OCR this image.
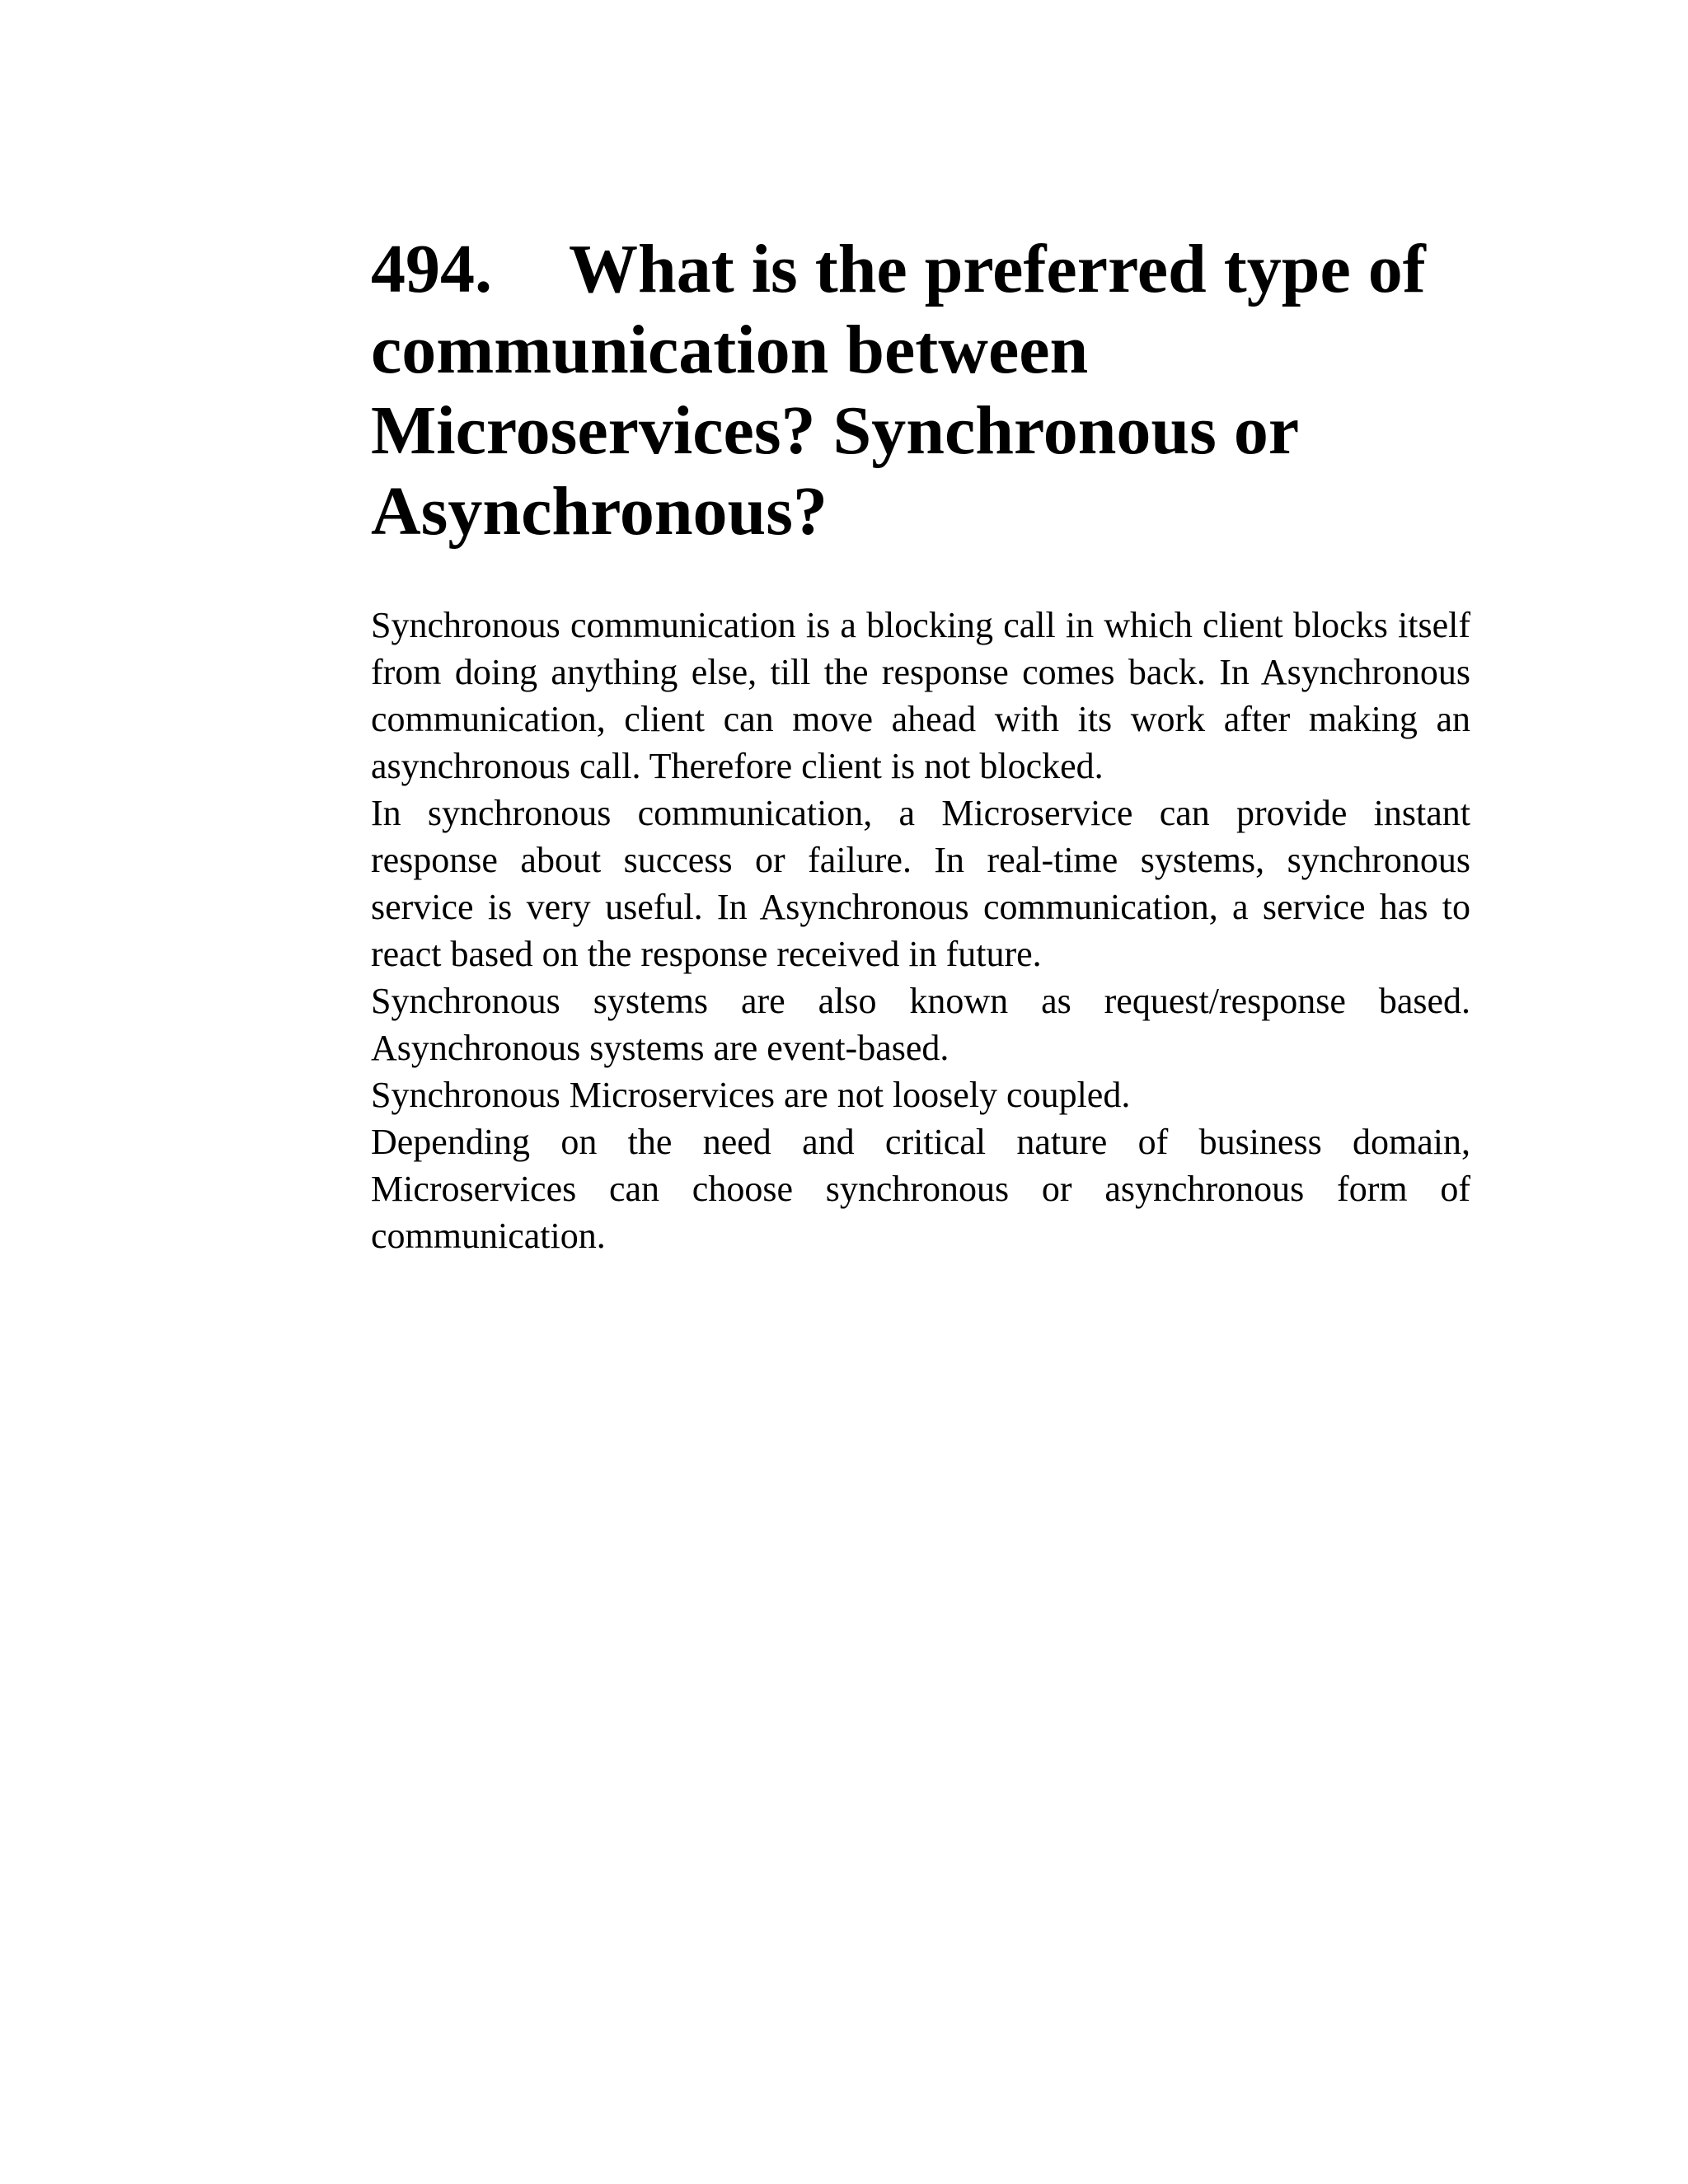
494. What is the preferred type of communication between Microservices? Synchronous or Asynchronous?

Synchronous communication is a blocking call in which client blocks itself from doing anything else, till the response comes back. In Asynchronous communication, client can move ahead with its work after making an asynchronous call. Therefore client is not blocked.

In synchronous communication, a Microservice can provide instant response about success or failure. In real-time systems, synchronous service is very useful. In Asynchronous communication, a service has to react based on the response received in future.

Synchronous systems are also known as request/response based. Asynchronous systems are event-based.

Synchronous Microservices are not loosely coupled.

Depending on the need and critical nature of business domain, Microservices can choose synchronous or asynchronous form of communication.
